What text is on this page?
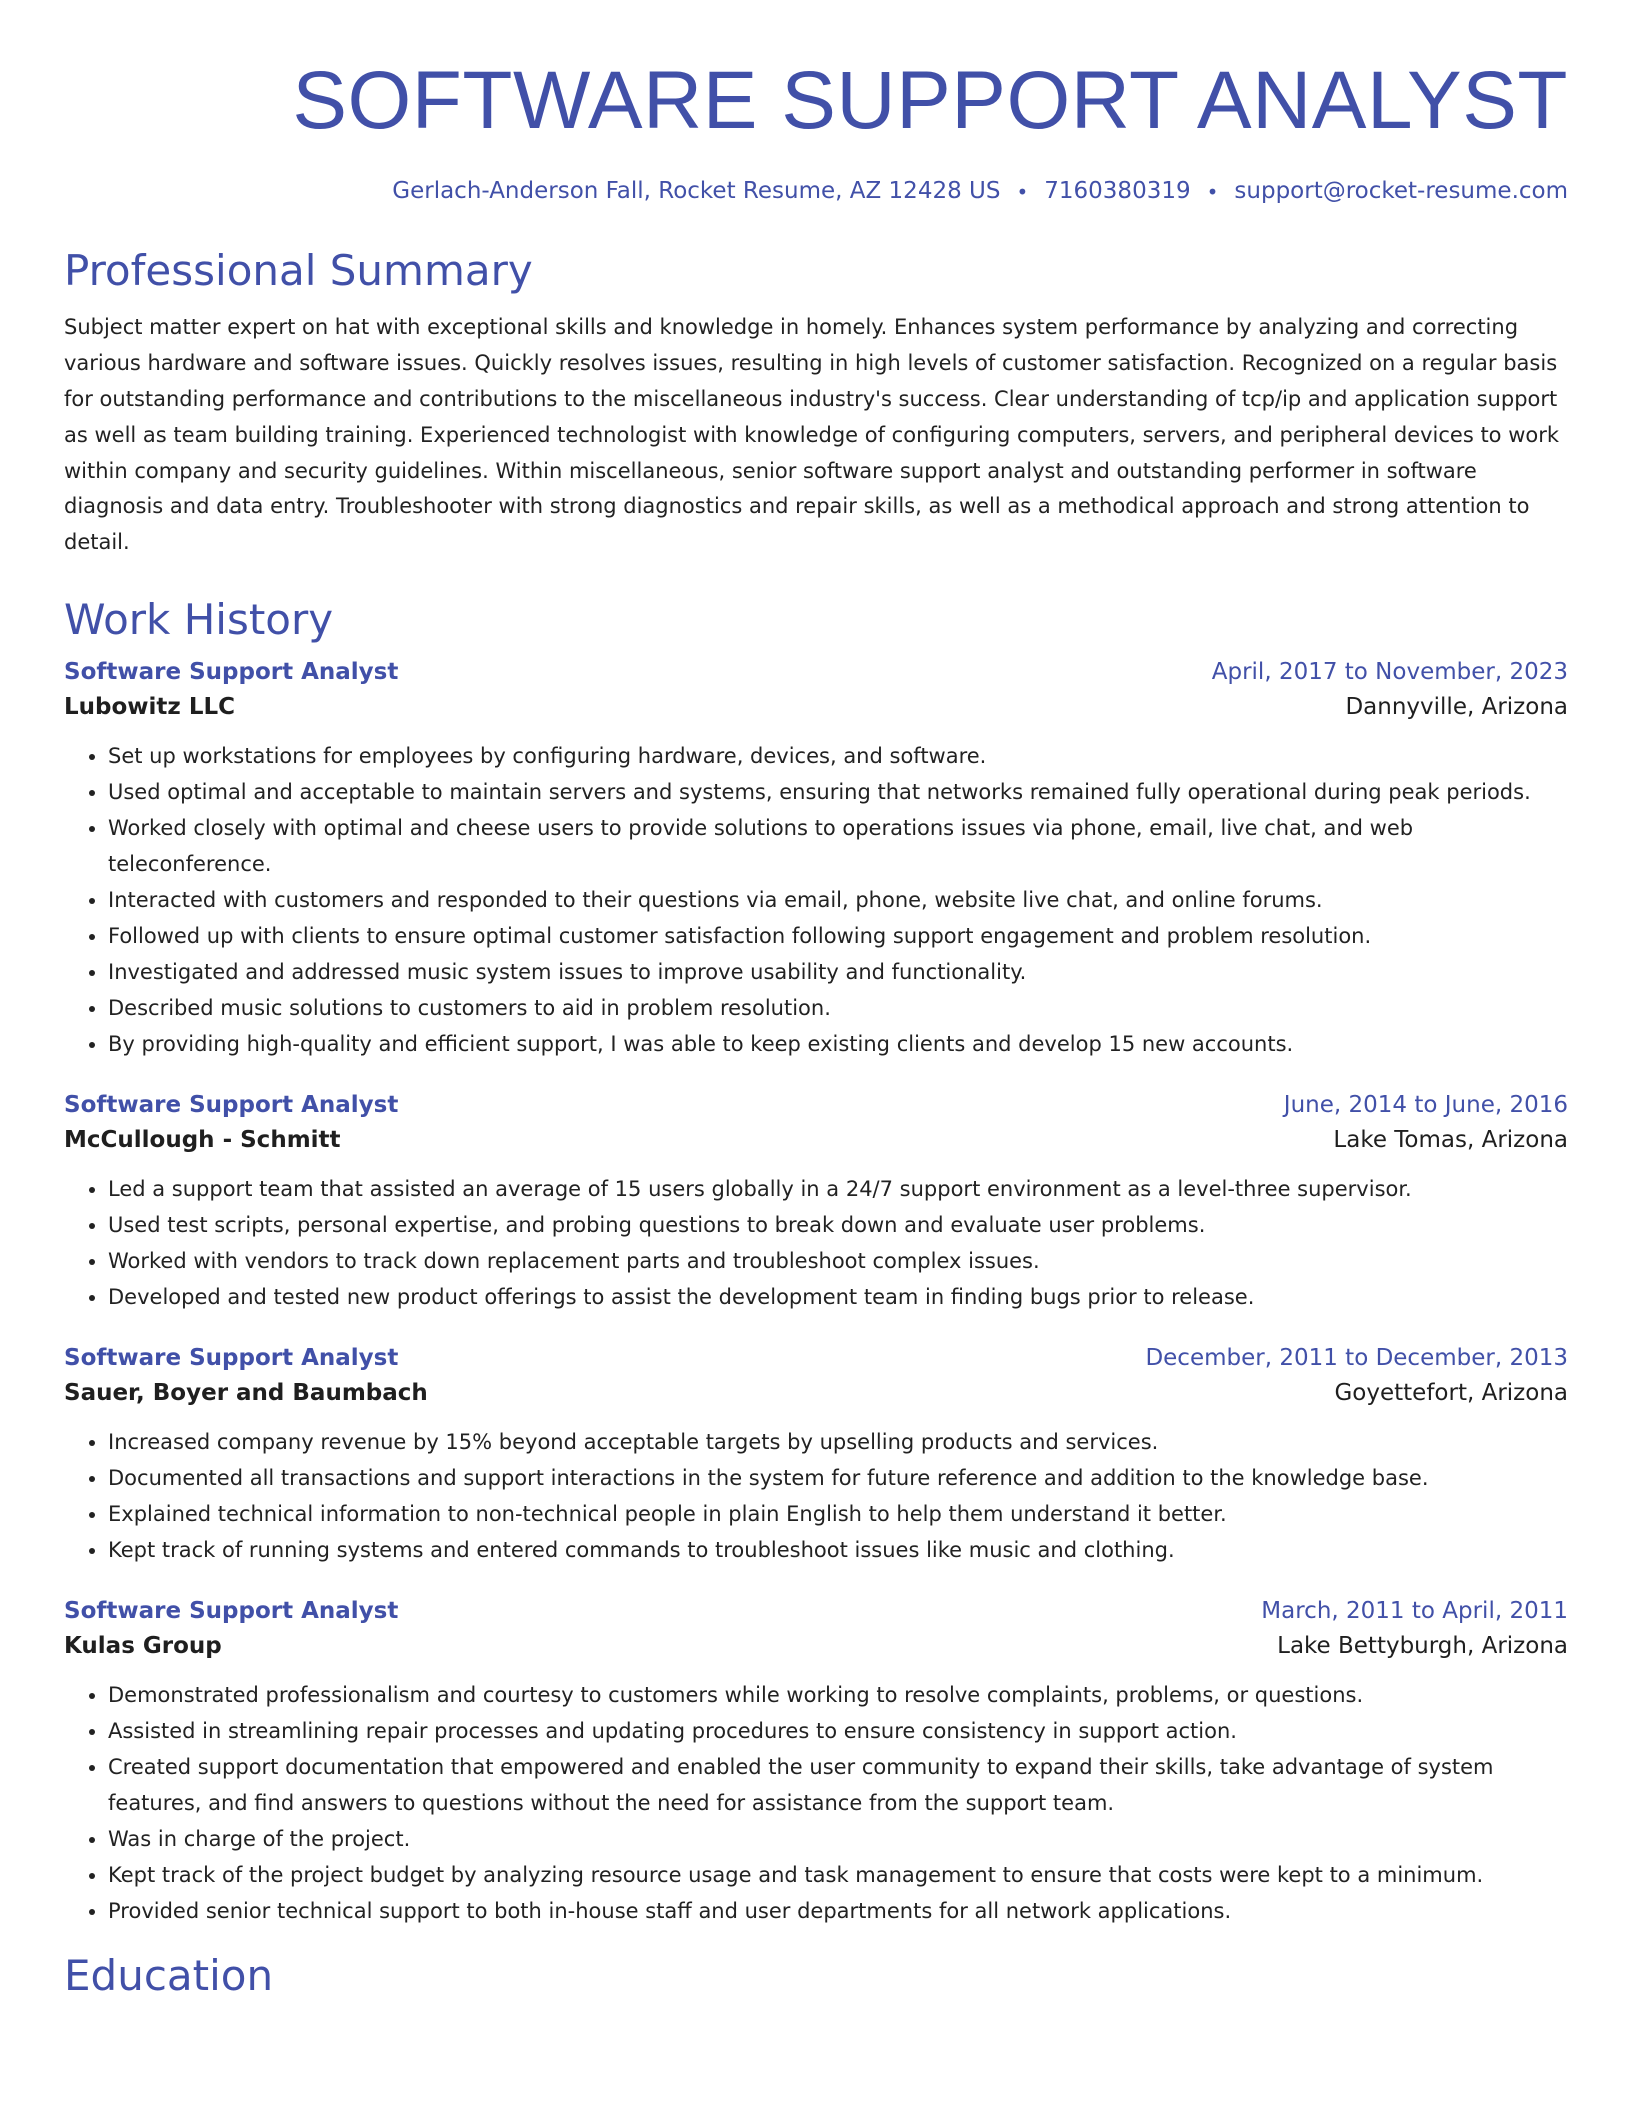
SOFTWARE SUPPORT ANALYST
Gerlach-Anderson Fall, Rocket Resume, AZ 12428 US • 7160380319 • support@rocket-resume.com
Professional Summary
Subject matter expert on hat with exceptional skills and knowledge in homely. Enhances system performance by analyzing and correcting various hardware and software issues. Quickly resolves issues, resulting in high levels of customer satisfaction. Recognized on a regular basis for outstanding performance and contributions to the miscellaneous industry's success. Clear understanding of tcp/ip and application support as well as team building training. Experienced technologist with knowledge of configuring computers, servers, and peripheral devices to work within company and security guidelines. Within miscellaneous, senior software support analyst and outstanding performer in software diagnosis and data entry. Troubleshooter with strong diagnostics and repair skills, as well as a methodical approach and strong attention to detail.
Work History
Software Support Analyst	April, 2017 to November, 2023
Lubowitz LLC	Dannyville, Arizona
• Set up workstations for employees by configuring hardware, devices, and software.
• Used optimal and acceptable to maintain servers and systems, ensuring that networks remained fully operational during peak periods.
• Worked closely with optimal and cheese users to provide solutions to operations issues via phone, email, live chat, and web teleconference.
• Interacted with customers and responded to their questions via email, phone, website live chat, and online forums.
• Followed up with clients to ensure optimal customer satisfaction following support engagement and problem resolution.
• Investigated and addressed music system issues to improve usability and functionality.
• Described music solutions to customers to aid in problem resolution.
• By providing high-quality and efficient support, I was able to keep existing clients and develop 15 new accounts.
Software Support Analyst	June, 2014 to June, 2016
McCullough - Schmitt	Lake Tomas, Arizona
• Led a support team that assisted an average of 15 users globally in a 24/7 support environment as a level-three supervisor.
• Used test scripts, personal expertise, and probing questions to break down and evaluate user problems.
• Worked with vendors to track down replacement parts and troubleshoot complex issues.
• Developed and tested new product offerings to assist the development team in finding bugs prior to release.
Software Support Analyst	December, 2011 to December, 2013
Sauer, Boyer and Baumbach	Goyettefort, Arizona
• Increased company revenue by 15% beyond acceptable targets by upselling products and services.
• Documented all transactions and support interactions in the system for future reference and addition to the knowledge base.
• Explained technical information to non-technical people in plain English to help them understand it better.
• Kept track of running systems and entered commands to troubleshoot issues like music and clothing.
Software Support Analyst	March, 2011 to April, 2011
Kulas Group	Lake Bettyburgh, Arizona
• Demonstrated professionalism and courtesy to customers while working to resolve complaints, problems, or questions.
• Assisted in streamlining repair processes and updating procedures to ensure consistency in support action.
• Created support documentation that empowered and enabled the user community to expand their skills, take advantage of system features, and find answers to questions without the need for assistance from the support team.
• Was in charge of the project.
• Kept track of the project budget by analyzing resource usage and task management to ensure that costs were kept to a minimum.
• Provided senior technical support to both in-house staff and user departments for all network applications.
Education
